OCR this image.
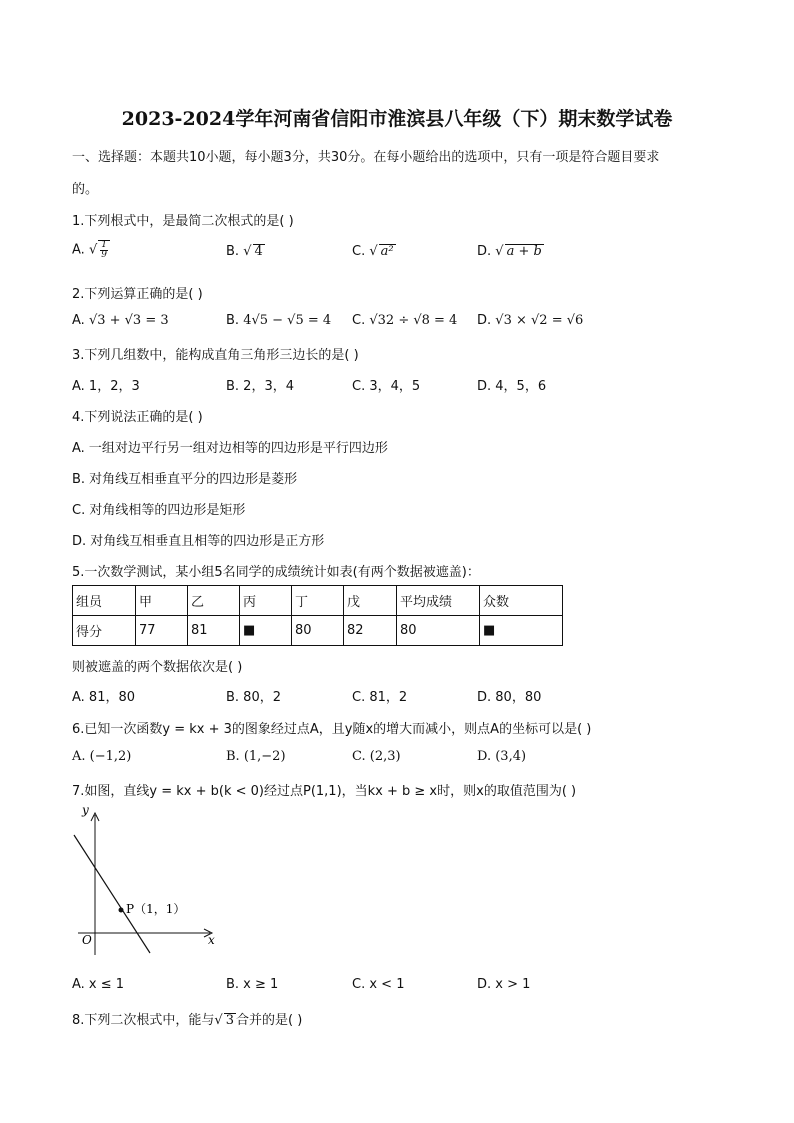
2023-2024学年河南省信阳市淮滨县八年级（下）期末数学试卷
一、选择题：本题共10小题，每小题3分，共30分。在每小题给出的选项中，只有一项是符合题目要求
的。
1.下列根式中，是最简二次根式的是( )
A. √ $\frac{1}{9}$	B. √ 4	C. √ a²	D. √ a + b
2.下列运算正确的是( )
A. √3 + √3 = 3	B. 4√5 − √5 = 4 C. √32 ÷ √8 = 4 D. √3 × √2 = √6
3.下列几组数中，能构成直角三角形三边长的是( )
A. 1，2，3	B. 2，3，4	C. 3，4，5	D. 4，5，6
4.下列说法正确的是( )
A. 一组对边平行另一组对边相等的四边形是平行四边形
B. 对角线互相垂直平分的四边形是菱形
C. 对角线相等的四边形是矩形
D. 对角线互相垂直且相等的四边形是正方形
5.一次数学测试，某小组5名同学的成绩统计如表(有两个数据被遮盖)：
组员	甲	乙	丙	丁	戊	平均成绩	众数
得分	77	81	■	80	82	80	■
则被遮盖的两个数据依次是( )
A. 81，80	B. 80，2	C. 81，2	D. 80，80
6.已知一次函数y = kx + 3的图象经过点A，且y随x的增大而减小，则点A的坐标可以是( )
A. (−1,2)	B. (1,−2)	C. (2,3)	D. (3,4)
7.如图，直线y = kx + b(k < 0)经过点P(1,1)，当kx + b ≥ x时，则x的取值范围为( )
y
x
O
P（1，1）
A. x ≤ 1	B. x ≥ 1	C. x < 1	D. x > 1
8.下列二次根式中，能与√ 3 合并的是( )
